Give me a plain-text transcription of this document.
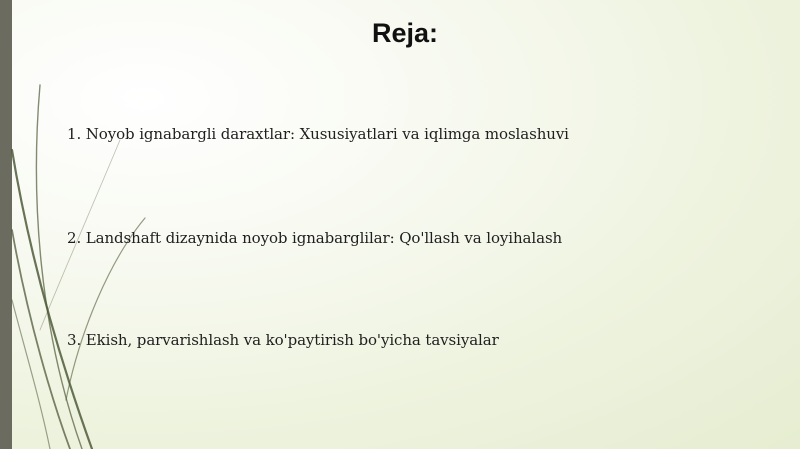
Reja:
1. Noyob ignabargli daraxtlar: Xususiyatlari va iqlimga moslashuvi
2. Landshaft dizaynida noyob ignabarglilar: Qo'llash va loyihalash
3. Ekish, parvarishlash va ko'paytirish bo'yicha tavsiyalar
